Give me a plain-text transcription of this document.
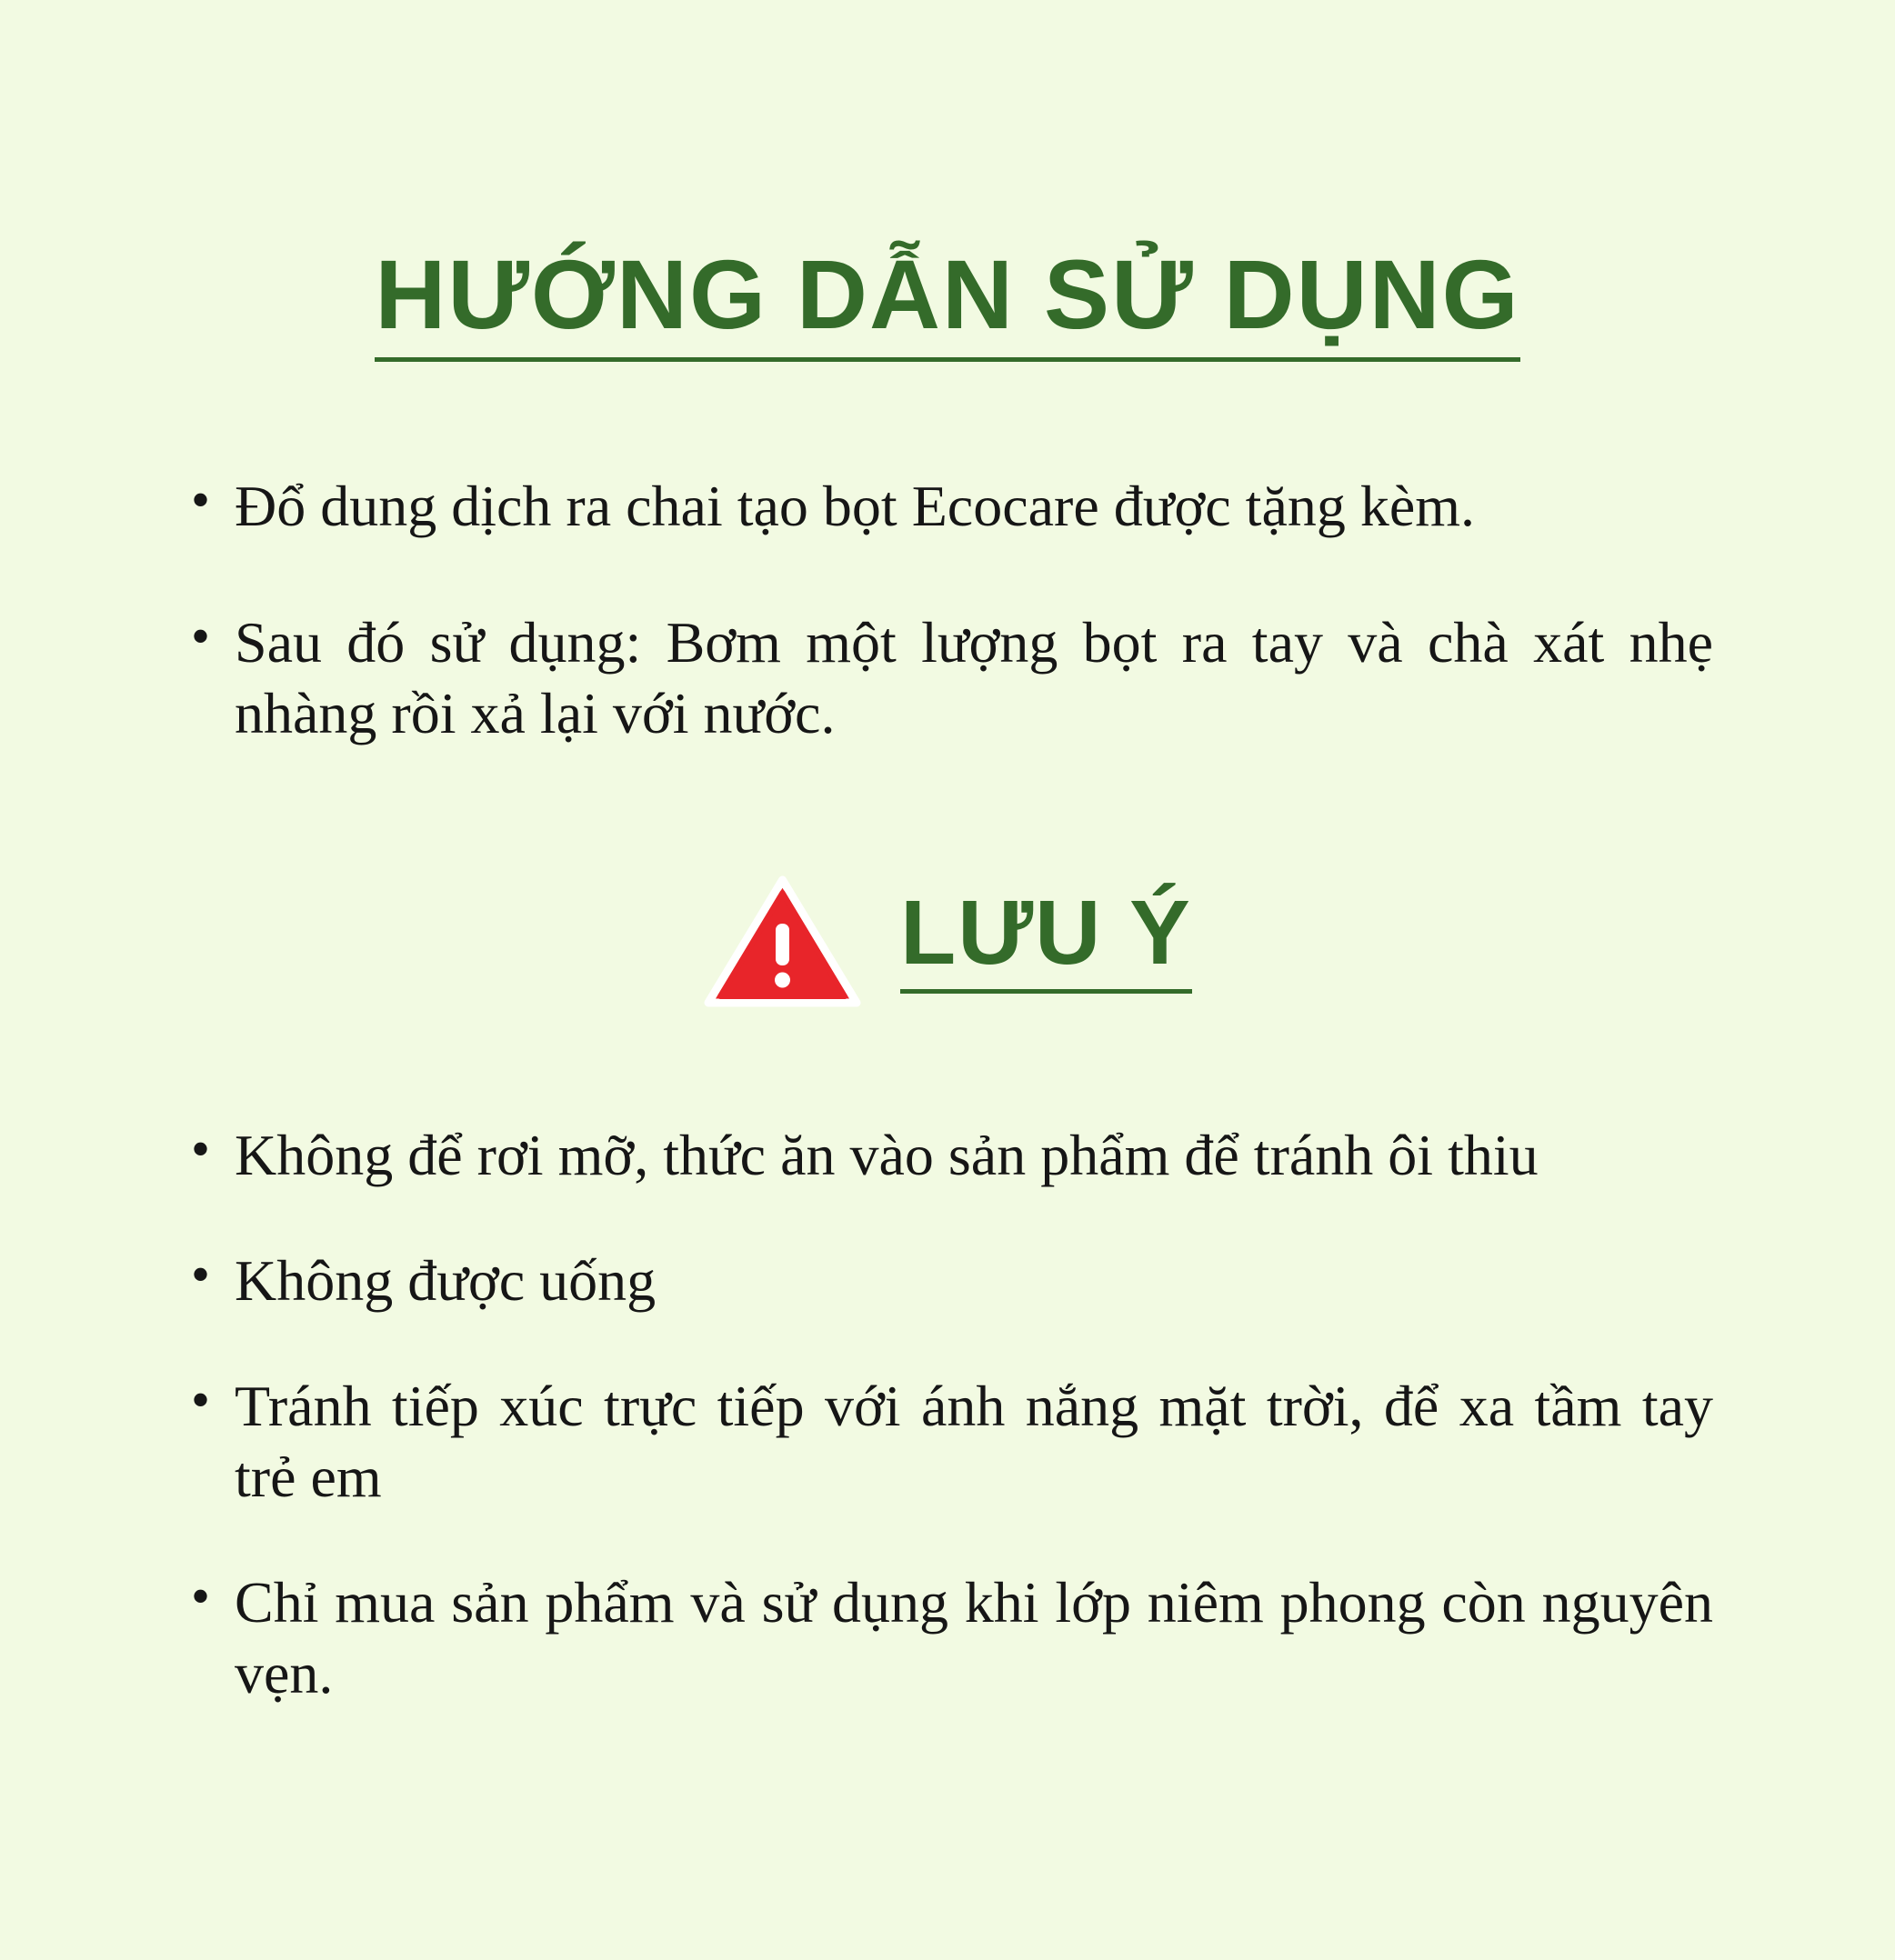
HƯỚNG DẪN SỬ DỤNG
• Đổ dung dịch ra chai tạo bọt Ecocare được tặng kèm.
• Sau đó sử dụng: Bơm một lượng bọt ra tay và chà xát nhẹ nhàng rồi xả lại với nước.
LƯU Ý
• Không để rơi mỡ, thức ăn vào sản phẩm để tránh ôi thiu
• Không được uống
• Tránh tiếp xúc trực tiếp với ánh nắng mặt trời, để xa tầm tay trẻ em
• Chỉ mua sản phẩm và sử dụng khi lớp niêm phong còn nguyên vẹn.
